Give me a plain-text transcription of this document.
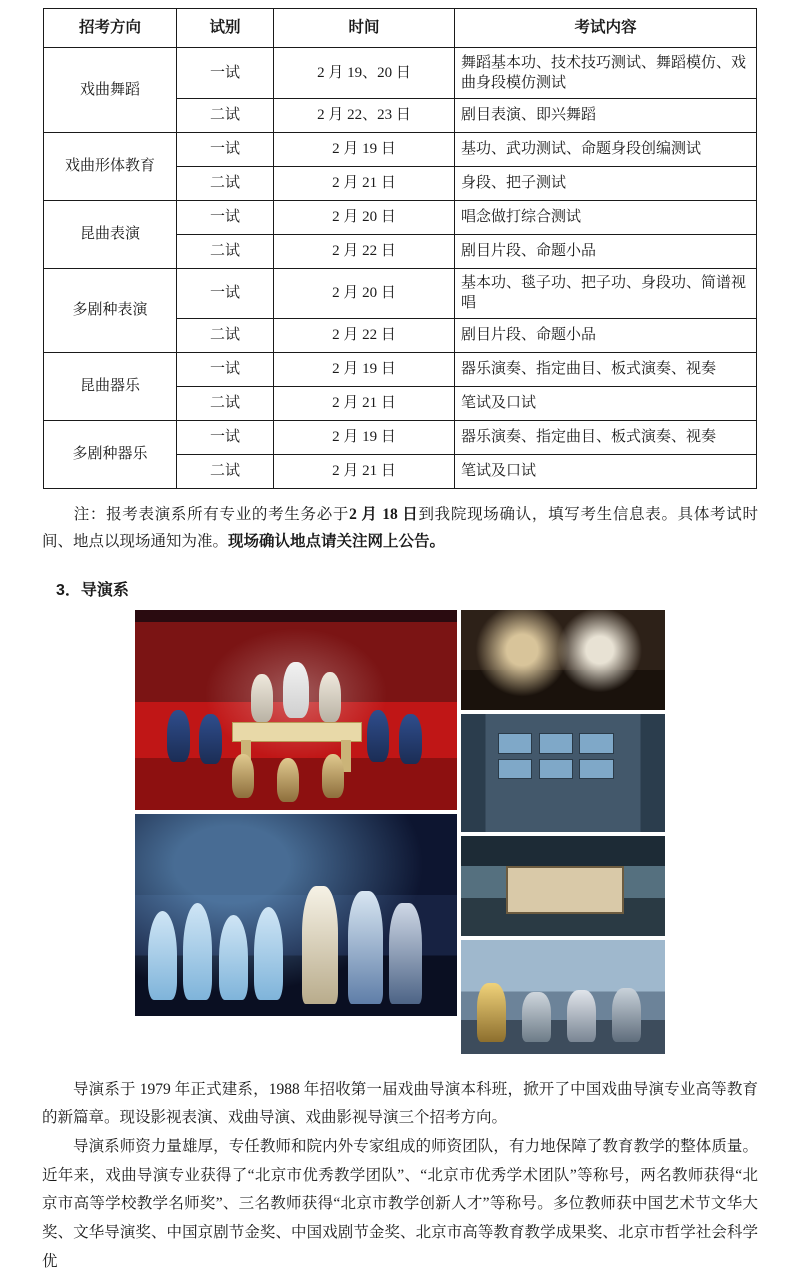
招考方向	试别	时间	考试内容
戏曲舞蹈	一试	2 月 19、20 日	舞蹈基本功、技术技巧测试、舞蹈模仿、戏曲身段模仿测试
	二试	2 月 22、23 日	剧目表演、即兴舞蹈
戏曲形体教育	一试	2 月 19 日	基功、武功测试、命题身段创编测试
	二试	2 月 21 日	身段、把子测试
昆曲表演	一试	2 月 20 日	唱念做打综合测试
	二试	2 月 22 日	剧目片段、命题小品
多剧种表演	一试	2 月 20 日	基本功、毯子功、把子功、身段功、简谱视唱
	二试	2 月 22 日	剧目片段、命题小品
昆曲器乐	一试	2 月 19 日	器乐演奏、指定曲目、板式演奏、视奏
	二试	2 月 21 日	笔试及口试
多剧种器乐	一试	2 月 19 日	器乐演奏、指定曲目、板式演奏、视奏
	二试	2 月 21 日	笔试及口试

注：报考表演系所有专业的考生务必于2 月 18 日到我院现场确认，填写考生信息表。具体考试时间、地点以现场通知为准。现场确认地点请关注网上公告。

3．导演系

导演系于 1979 年正式建系，1988 年招收第一届戏曲导演本科班，掀开了中国戏曲导演专业高等教育的新篇章。现设影视表演、戏曲导演、戏曲影视导演三个招考方向。

导演系师资力量雄厚，专任教师和院内外专家组成的师资团队，有力地保障了教育教学的整体质量。近年来，戏曲导演专业获得了“北京市优秀教学团队”、“北京市优秀学术团队”等称号，两名教师获得“北京市高等学校教学名师奖”、三名教师获得“北京市教学创新人才”等称号。多位教师获中国艺术节文华大奖、文华导演奖、中国京剧节金奖、中国戏剧节金奖、北京市高等教育教学成果奖、北京市哲学社会科学优
